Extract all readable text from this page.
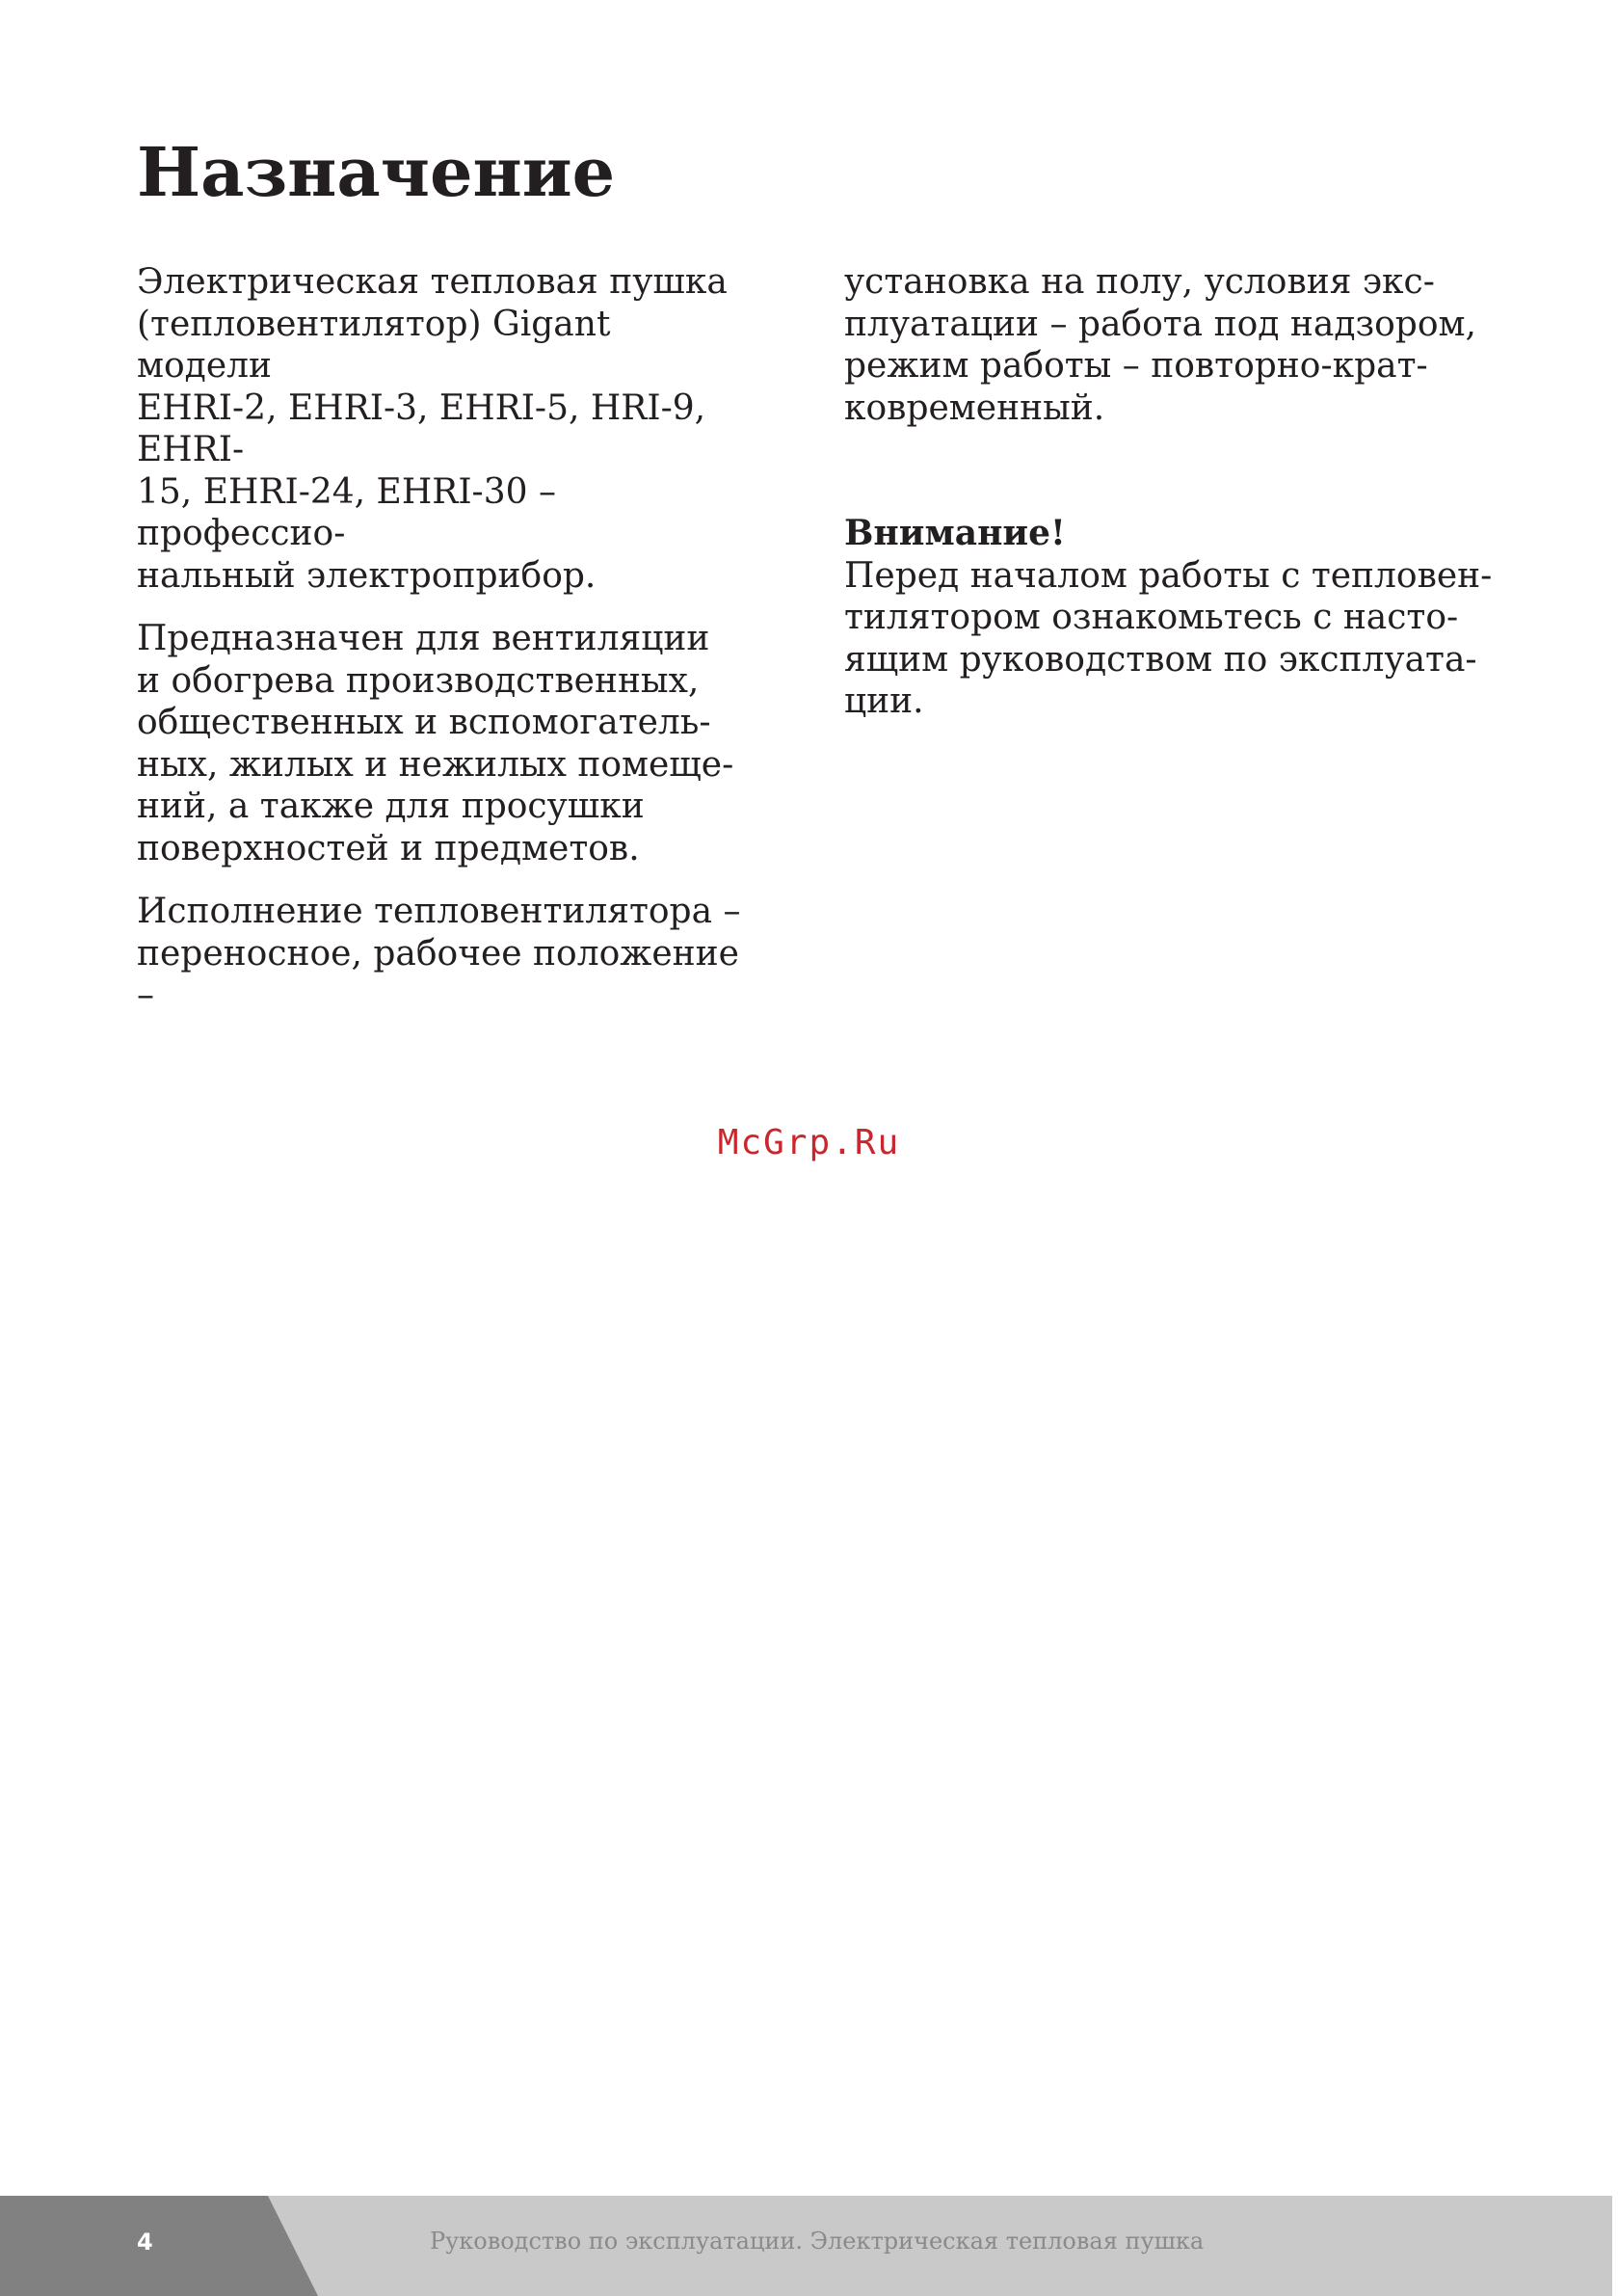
Назначение

Электрическая тепловая пушка
(тепловентилятор) Gigant модели
EHRI-2, EHRI-3, EHRI-5, HRI-9, EHRI-
15, EHRI-24, EHRI-30 – профессио-
нальный электроприбор.

Предназначен для вентиляции
и обогрева производственных,
общественных и вспомогатель-
ных, жилых и нежилых помеще-
ний, а также для просушки
поверхностей и предметов.

Исполнение тепловентилятора –
переносное, рабочее положение –

установка на полу, условия экс-
плуатации – работа под надзором,
режим работы – повторно-крат-
ковременный.

Внимание!
Перед началом работы с тепловен-
тилятором ознакомьтесь с насто-
ящим руководством по эксплуата-
ции.

McGrp.Ru
4	Руководство по эксплуатации. Электрическая тепловая пушка
